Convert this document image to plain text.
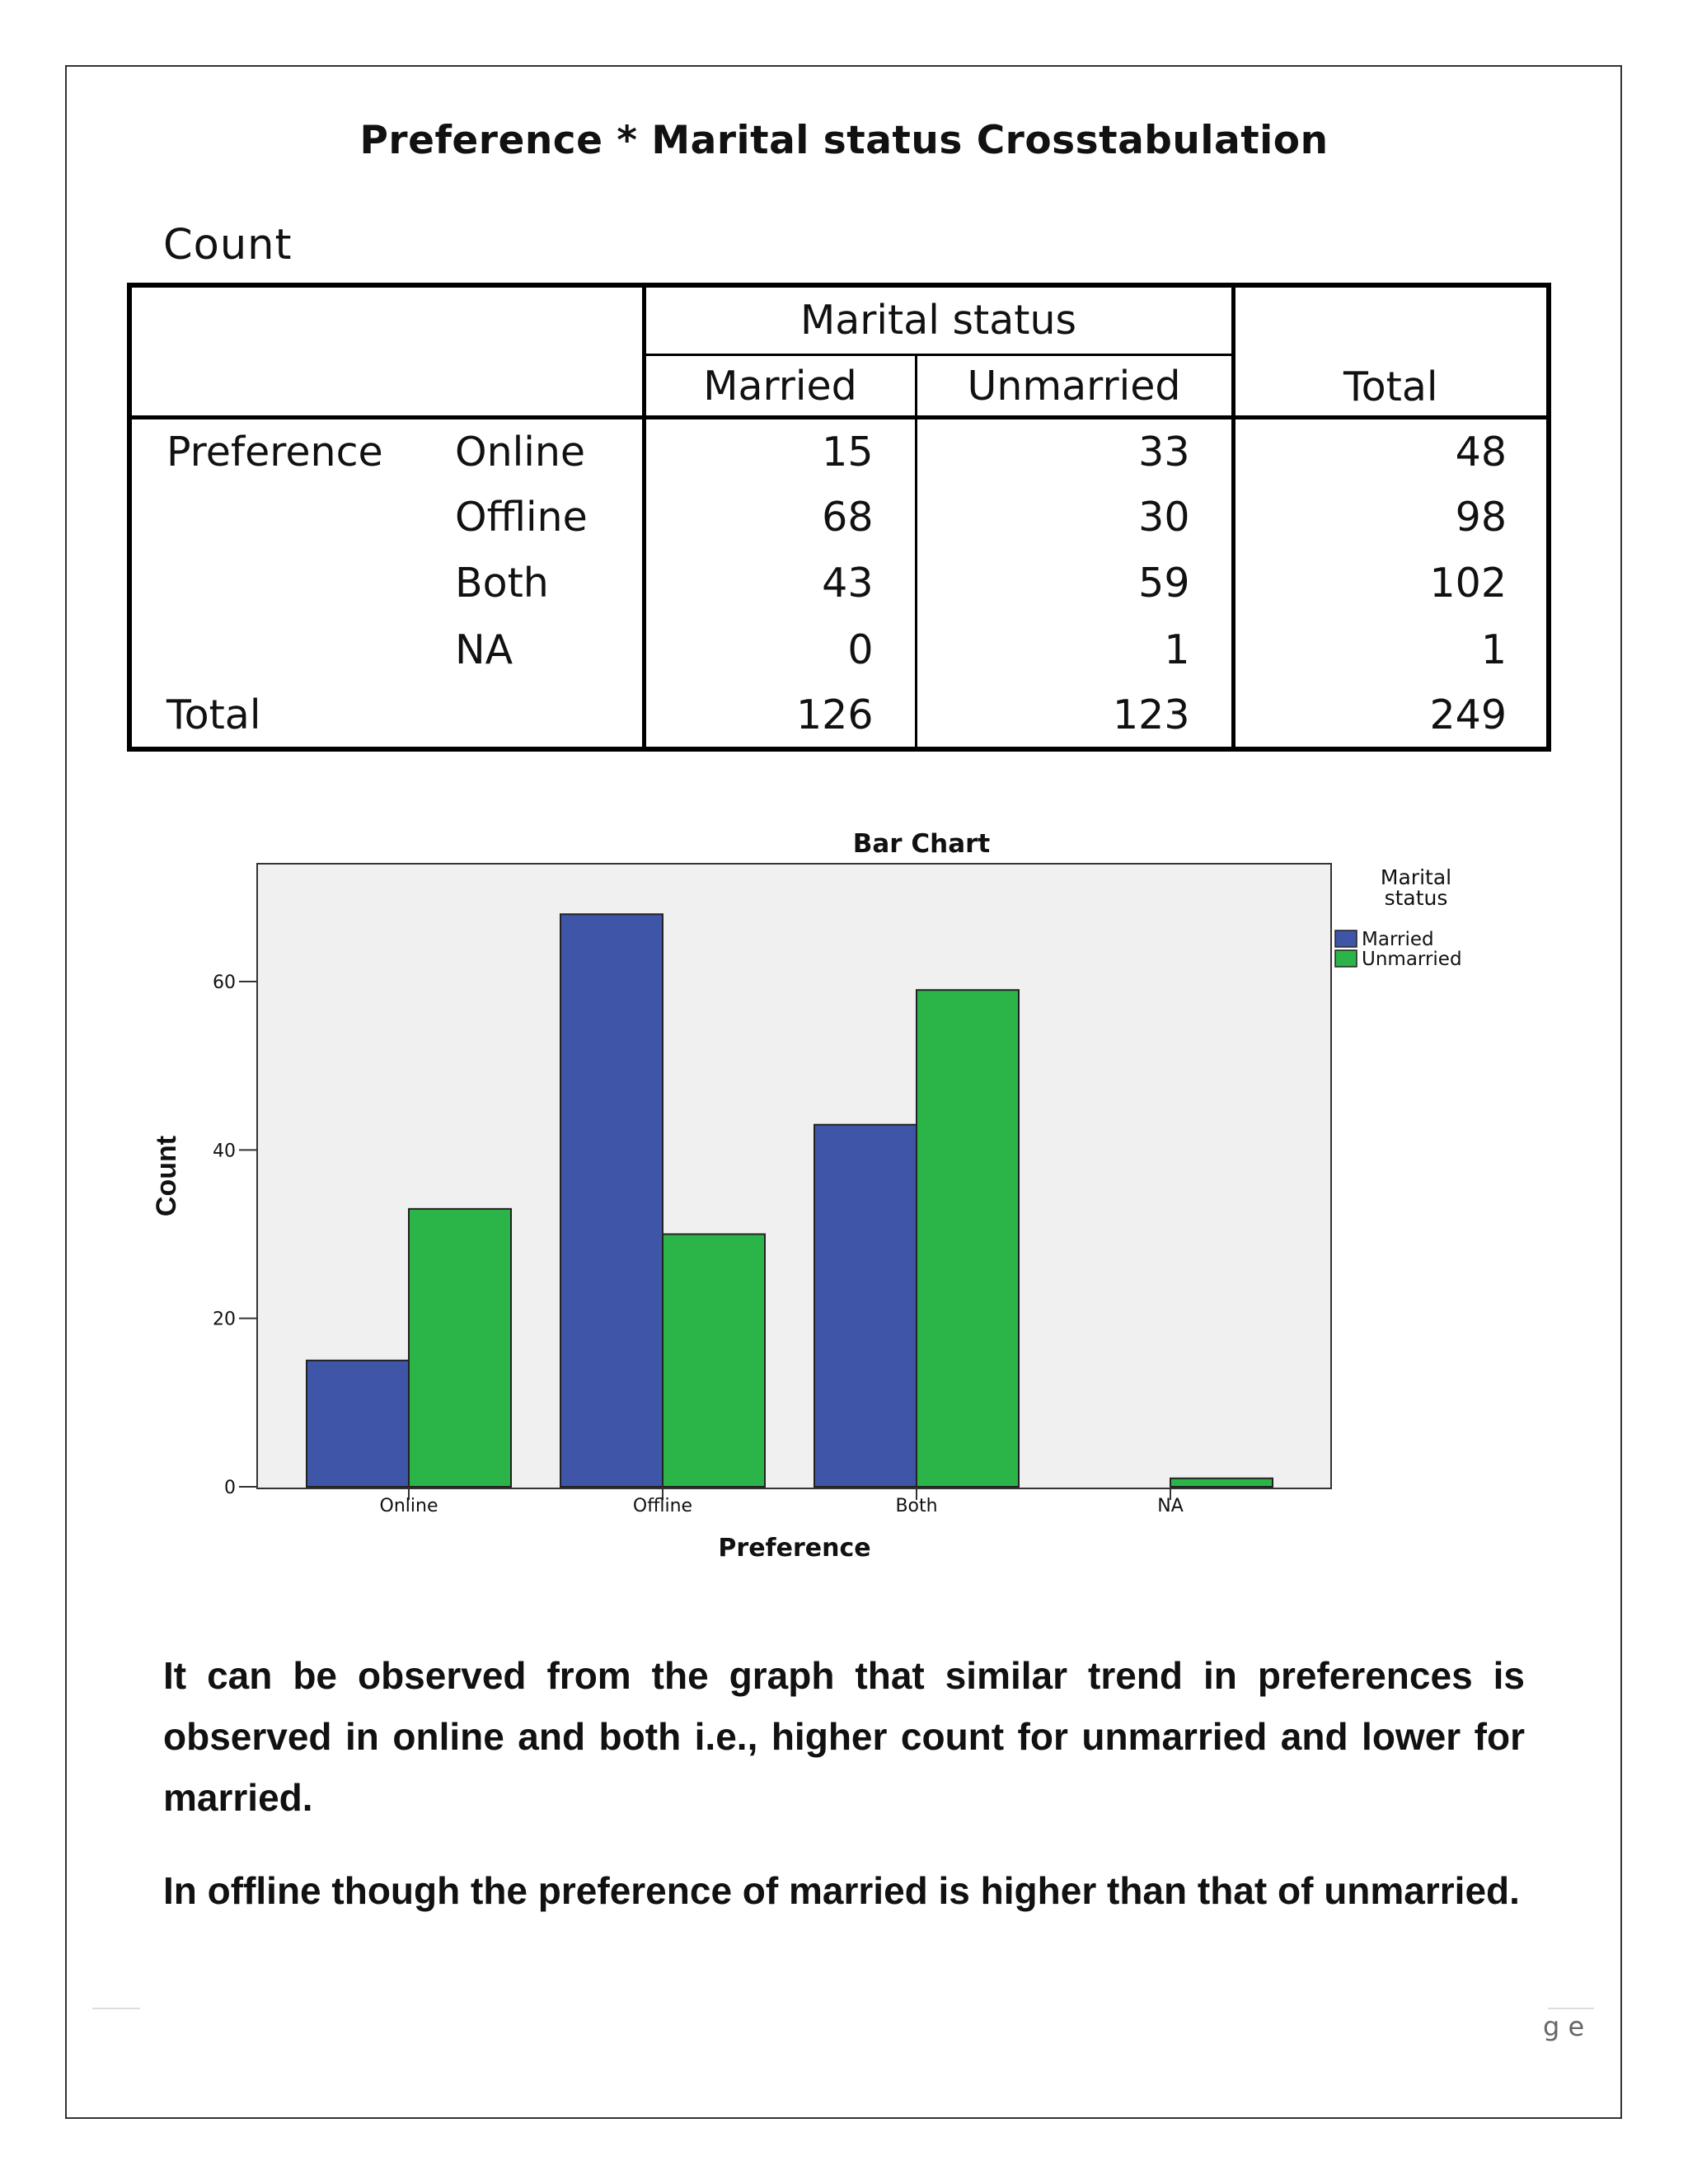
Preference * Marital status Crosstabulation
Count
		Marital status		Total
		Married	Unmarried	
Preference	Online	15	33	48
	Offline	68	30	98
	Both	43	59	102
	NA	0	1	1
Total		126	123	249
Bar Chart
0
20
40
60
Online	Offline	Both	NA
Preference
Count
Marital
status
Married
Unmarried

It can be observed from the graph that similar trend in preferences is observed in online and both i.e., higher count for unmarried and lower for married.

In offline though the preference of married is higher than that of unmarried.

g e
